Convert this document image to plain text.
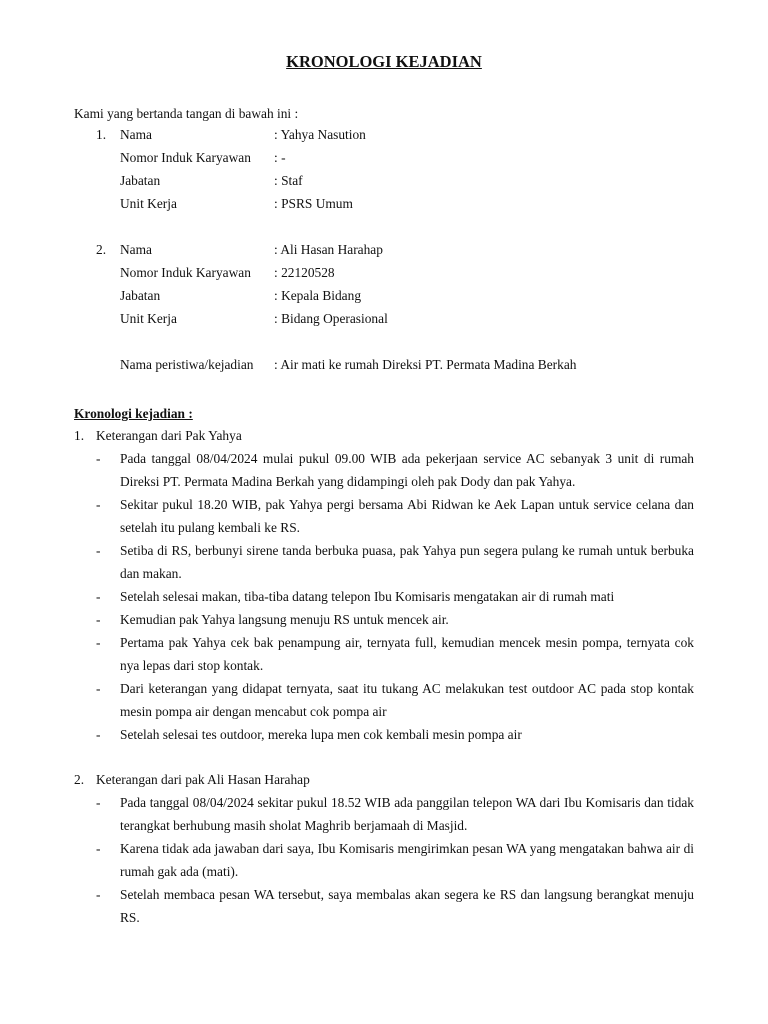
KRONOLOGI KEJADIAN
Kami yang bertanda tangan di bawah ini :
1.	Nama	: Yahya Nasution
Nomor Induk Karyawan	: -
Jabatan	: Staf
Unit Kerja	: PSRS Umum
2.	Nama	: Ali Hasan Harahap
Nomor Induk Karyawan	: 22120528
Jabatan	: Kepala Bidang
Unit Kerja	: Bidang Operasional
Nama peristiwa/kejadian	: Air mati ke rumah Direksi PT. Permata Madina Berkah
Kronologi kejadian :
1. Keterangan dari Pak Yahya
-	Pada tanggal 08/04/2024 mulai pukul 09.00 WIB ada pekerjaan service AC sebanyak 3 unit di rumah Direksi PT. Permata Madina Berkah yang didampingi oleh pak Dody dan pak Yahya.
-	Sekitar pukul 18.20 WIB, pak Yahya pergi bersama Abi Ridwan ke Aek Lapan untuk service celana dan setelah itu pulang kembali ke RS.
-	Setiba di RS, berbunyi sirene tanda berbuka puasa, pak Yahya pun segera pulang ke rumah untuk berbuka dan makan.
-	Setelah selesai makan, tiba-tiba datang telepon Ibu Komisaris mengatakan air di rumah mati
-	Kemudian pak Yahya langsung menuju RS untuk mencek air.
-	Pertama pak Yahya cek bak penampung air, ternyata full, kemudian mencek mesin pompa, ternyata cok nya lepas dari stop kontak.
-	Dari keterangan yang didapat ternyata, saat itu tukang AC melakukan test outdoor AC pada stop kontak mesin pompa air dengan mencabut cok pompa air
-	Setelah selesai tes outdoor, mereka lupa men cok kembali mesin pompa air
2. Keterangan dari pak Ali Hasan Harahap
-	Pada tanggal 08/04/2024 sekitar pukul 18.52 WIB ada panggilan telepon WA dari Ibu Komisaris dan tidak terangkat berhubung masih sholat Maghrib berjamaah di Masjid.
-	Karena tidak ada jawaban dari saya, Ibu Komisaris mengirimkan pesan WA yang mengatakan bahwa air di rumah gak ada (mati).
-	Setelah membaca pesan WA tersebut, saya membalas akan segera ke RS dan langsung berangkat menuju RS.
